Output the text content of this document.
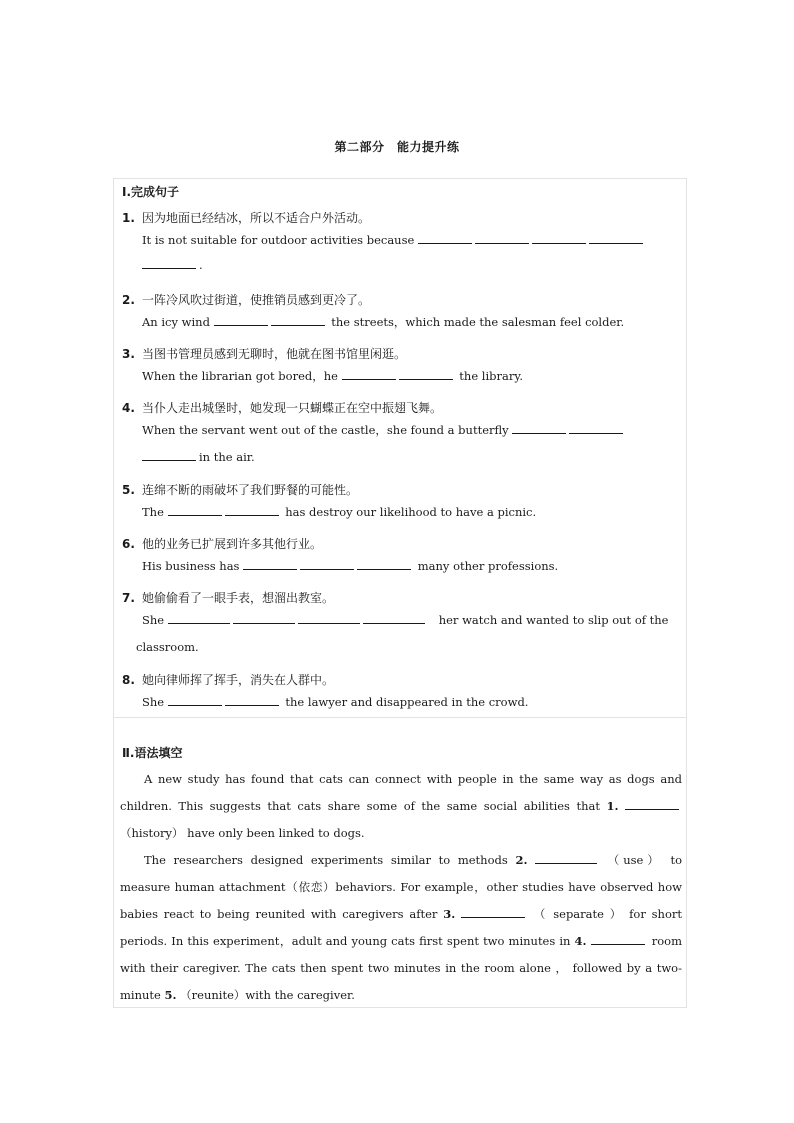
第二部分　能力提升练
Ⅰ.完成句子
1. 因为地面已经结冰，所以不适合户外活动。
It is not suitable for outdoor activities because
.
2. 一阵冷风吹过街道，使推销员感到更冷了。
An icy wind	the streets，which made the salesman feel colder.
3. 当图书管理员感到无聊时，他就在图书馆里闲逛。
When the librarian got bored，he	the library.
4. 当仆人走出城堡时，她发现一只蝴蝶正在空中振翅飞舞。
When the servant went out of the castle，she found a butterfly
in the air.
5. 连绵不断的雨破坏了我们野餐的可能性。
The	has destroy our likelihood to have a picnic.
6. 他的业务已扩展到许多其他行业。
His business has	many other professions.
7. 她偷偷看了一眼手表，想溜出教室。
She	her watch and wanted to slip out of the
classroom.
8. 她向律师挥了挥手，消失在人群中。
She	the lawyer and disappeared in the crowd.
Ⅱ.语法填空
A new study has found that cats can connect with people in the same way as dogs and children. This suggests that cats share some of the same social abilities that 1.  （history） have only been linked to dogs.
The researchers designed experiments similar to methods 2.	（use） to measure human attachment（依恋）behaviors. For example，other studies have observed how babies react to being reunited with caregivers after 3.	（ separate ） for short periods. In this experiment，adult and young cats first spent two minutes in 4.	room with their caregiver. The cats then spent two minutes in the room alone ， followed by a two-minute 5. （reunite）with the caregiver.
